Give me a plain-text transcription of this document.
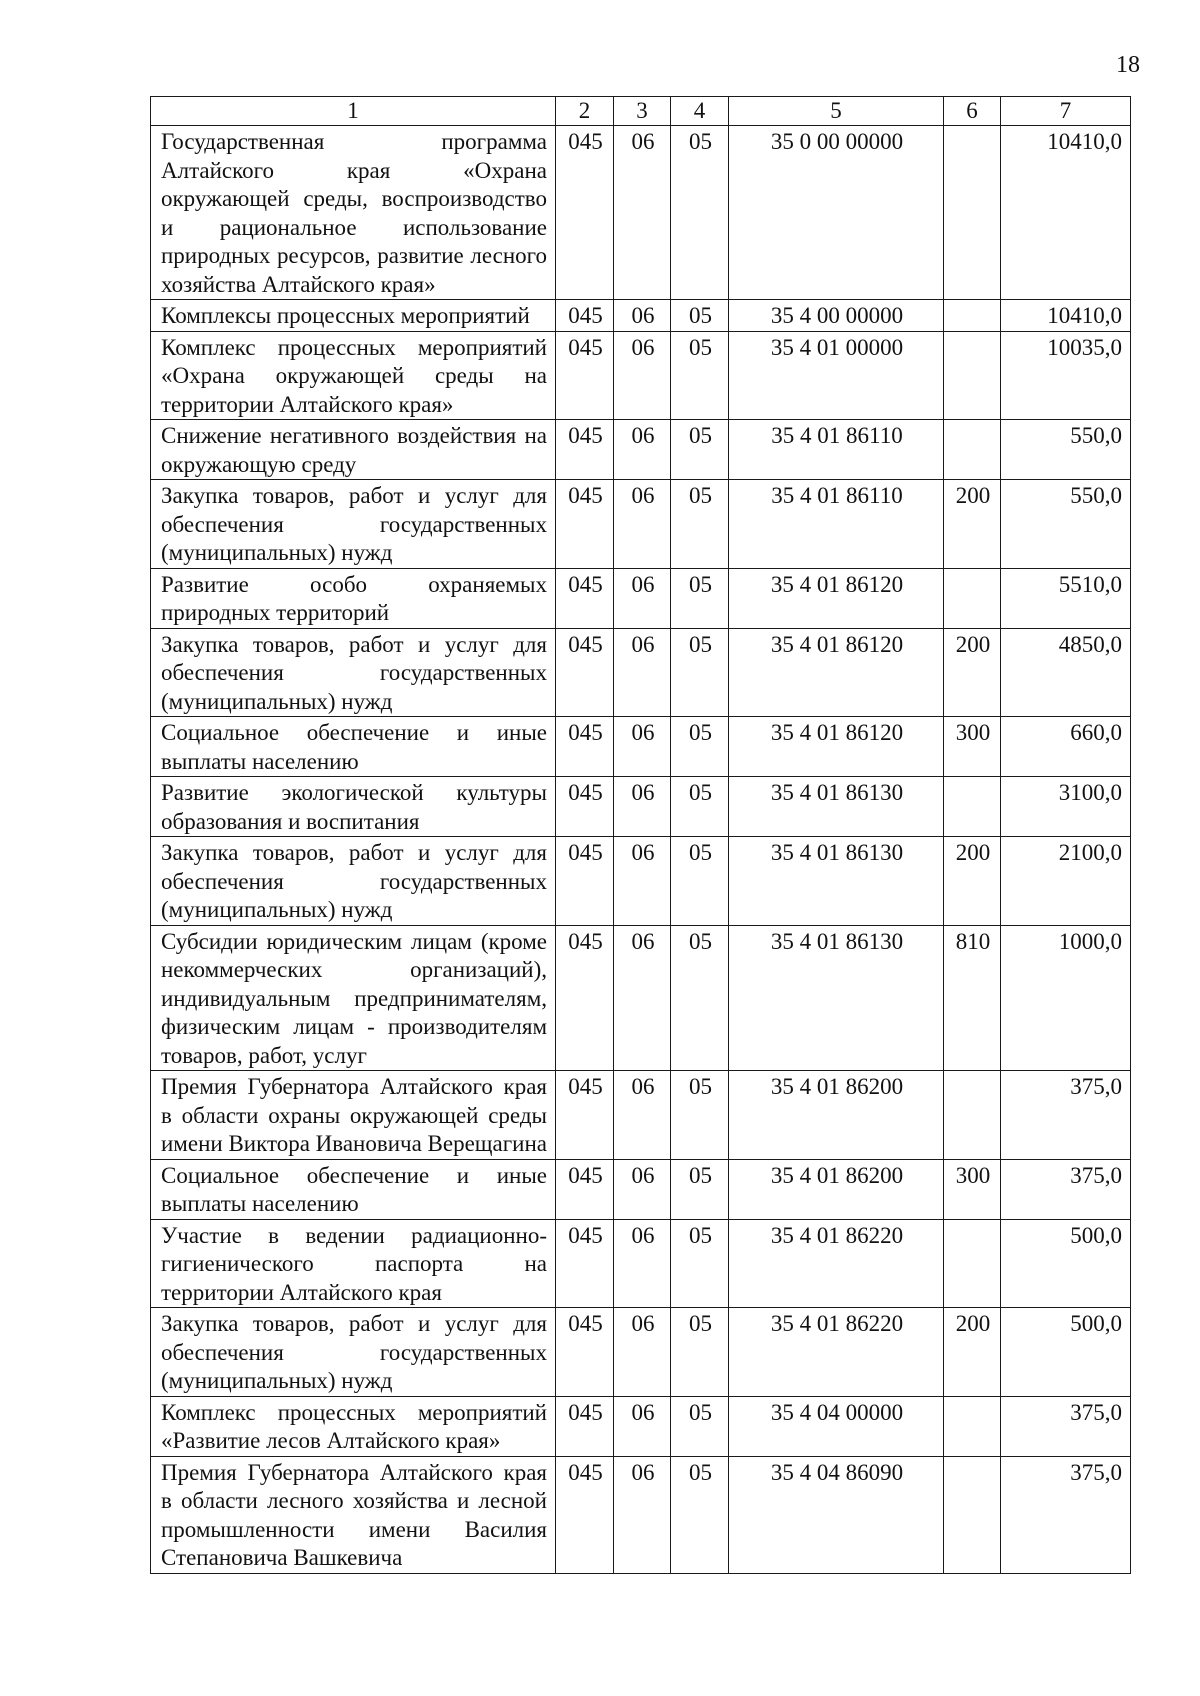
18
1	2	3	4	5	6	7
Государственная программа Алтайского края «Охрана окружающей среды, воспроизводство и рациональное использование природных ресурсов, развитие лесного хозяйства Алтайского края»	045	06	05	35 0 00 00000		10410,0
Комплексы процессных мероприятий	045	06	05	35 4 00 00000		10410,0
Комплекс процессных мероприятий «Охрана окружающей среды на территории Алтайского края»	045	06	05	35 4 01 00000		10035,0
Снижение негативного воздействия на окружающую среду	045	06	05	35 4 01 86110		550,0
Закупка товаров, работ и услуг для обеспечения государственных (муниципальных) нужд	045	06	05	35 4 01 86110	200	550,0
Развитие особо охраняемых природных территорий	045	06	05	35 4 01 86120		5510,0
Закупка товаров, работ и услуг для обеспечения государственных (муниципальных) нужд	045	06	05	35 4 01 86120	200	4850,0
Социальное обеспечение и иные выплаты населению	045	06	05	35 4 01 86120	300	660,0
Развитие экологической культуры образования и воспитания	045	06	05	35 4 01 86130		3100,0
Закупка товаров, работ и услуг для обеспечения государственных (муниципальных) нужд	045	06	05	35 4 01 86130	200	2100,0
Субсидии юридическим лицам (кроме некоммерческих организаций), индивидуальным предпринимателям, физическим лицам - производителям товаров, работ, услуг	045	06	05	35 4 01 86130	810	1000,0
Премия Губернатора Алтайского края в области охраны окружающей среды имени Виктора Ивановича Верещагина	045	06	05	35 4 01 86200		375,0
Социальное обеспечение и иные выплаты населению	045	06	05	35 4 01 86200	300	375,0
Участие в ведении радиационно-гигиенического паспорта на территории Алтайского края	045	06	05	35 4 01 86220		500,0
Закупка товаров, работ и услуг для обеспечения государственных (муниципальных) нужд	045	06	05	35 4 01 86220	200	500,0
Комплекс процессных мероприятий «Развитие лесов Алтайского края»	045	06	05	35 4 04 00000		375,0
Премия Губернатора Алтайского края в области лесного хозяйства и лесной промышленности имени Василия Степановича Вашкевича	045	06	05	35 4 04 86090		375,0
